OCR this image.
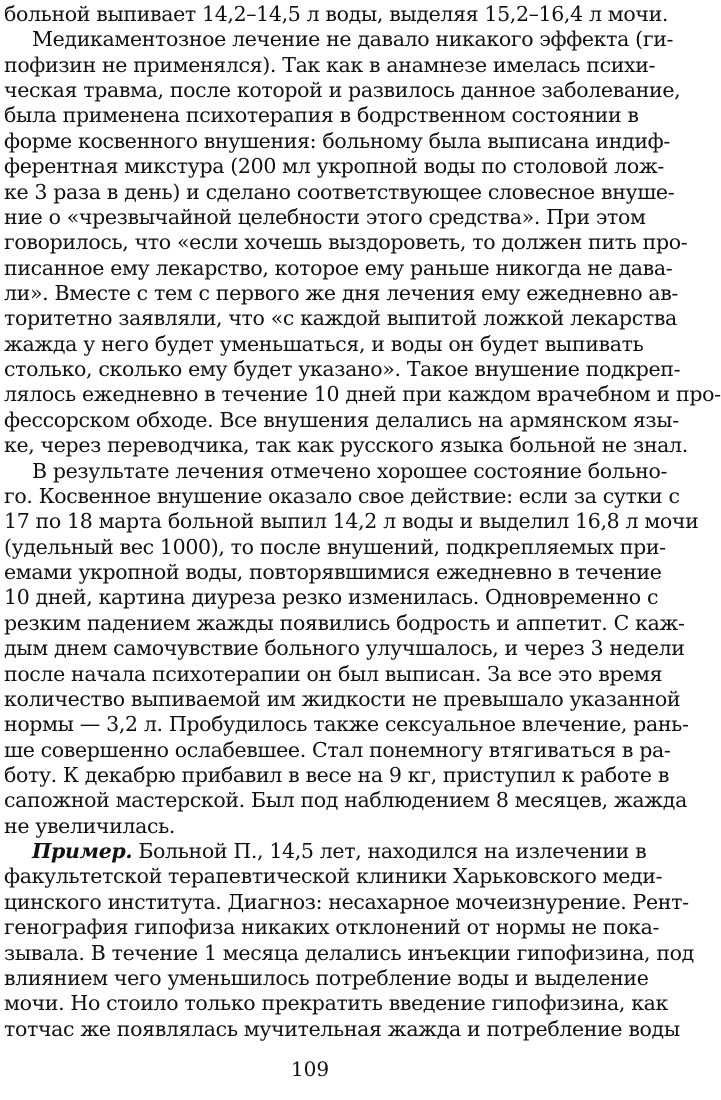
больной выпивает 14,2–14,5 л воды, выделяя 15,2–16,4 л мочи.
Медикаментозное лечение не давало никакого эффекта (ги-
пофизин не применялся). Так как в анамнезе имелась психи-
ческая травма, после которой и развилось данное заболевание,
была применена психотерапия в бодрственном состоянии в
форме косвенного внушения: больному была выписана индиф-
ферентная микстура (200 мл укропной воды по столовой лож-
ке 3 раза в день) и сделано соответствующее словесное внуше-
ние о «чрезвычайной целебности этого средства». При этом
говорилось, что «если хочешь выздороветь, то должен пить про-
писанное ему лекарство, которое ему раньше никогда не дава-
ли». Вместе с тем с первого же дня лечения ему ежедневно ав-
торитетно заявляли, что «с каждой выпитой ложкой лекарства
жажда у него будет уменьшаться, и воды он будет выпивать
столько, сколько ему будет указано». Такое внушение подкреп-
лялось ежедневно в течение 10 дней при каждом врачебном и про-
фессорском обходе. Все внушения делались на армянском язы-
ке, через переводчика, так как русского языка больной не знал.
В результате лечения отмечено хорошее состояние больно-
го. Косвенное внушение оказало свое действие: если за сутки с
17 по 18 марта больной выпил 14,2 л воды и выделил 16,8 л мочи
(удельный вес 1000), то после внушений, подкрепляемых при-
емами укропной воды, повторявшимися ежедневно в течение
10 дней, картина диуреза резко изменилась. Одновременно с
резким падением жажды появились бодрость и аппетит. С каж-
дым днем самочувствие больного улучшалось, и через 3 недели
после начала психотерапии он был выписан. За все это время
количество выпиваемой им жидкости не превышало указанной
нормы — 3,2 л. Пробудилось также сексуальное влечение, рань-
ше совершенно ослабевшее. Стал понемногу втягиваться в ра-
боту. К декабрю прибавил в весе на 9 кг, приступил к работе в
сапожной мастерской. Был под наблюдением 8 месяцев, жажда
не увеличилась.
Пример. Больной П., 14,5 лет, находился на излечении в
факультетской терапевтической клиники Харьковского меди-
цинского института. Диагноз: несахарное мочеизнурение. Рент-
генография гипофиза никаких отклонений от нормы не пока-
зывала. В течение 1 месяца делались инъекции гипофизина, под
109
влиянием чего уменьшилось потребление воды и выделение
мочи. Но стоило только прекратить введение гипофизина, как
тотчас же появлялась мучительная жажда и потребление воды
